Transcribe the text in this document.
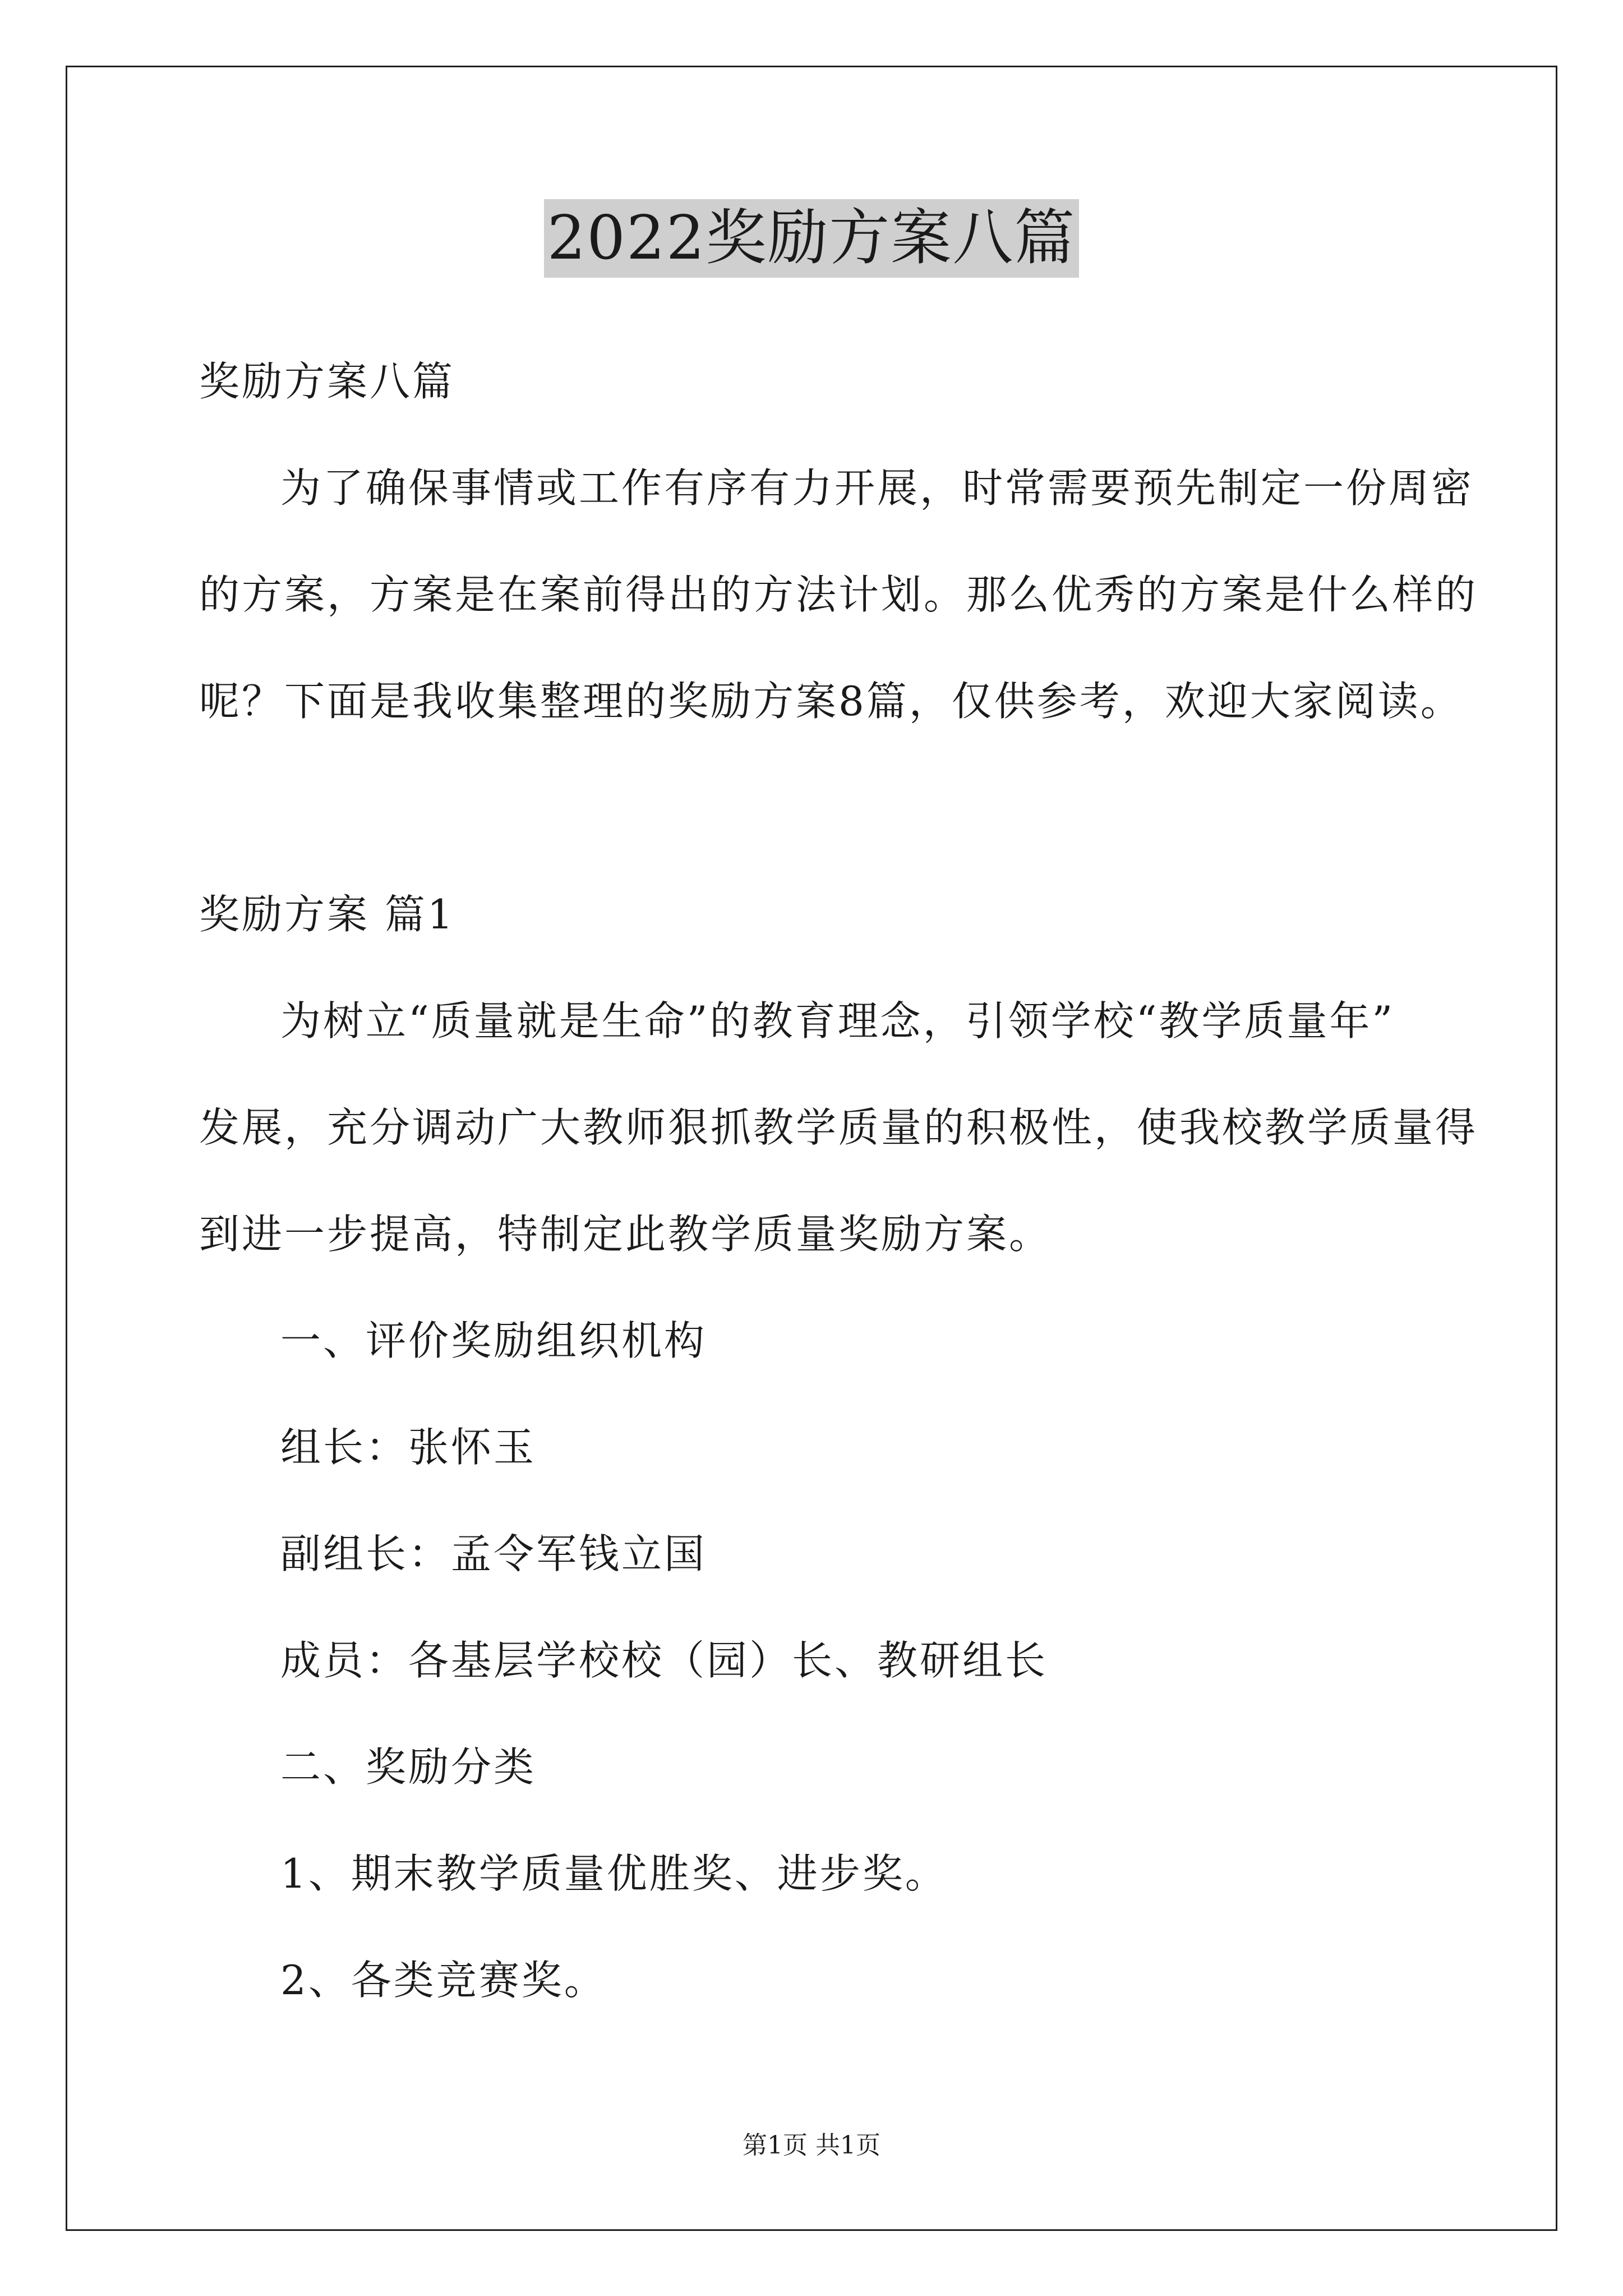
2022奖励方案八篇
奖励方案八篇
为了确保事情或工作有序有力开展，时常需要预先制定一份周密
的方案，方案是在案前得出的方法计划。那么优秀的方案是什么样的
呢？下面是我收集整理的奖励方案8篇，仅供参考，欢迎大家阅读。
奖励方案 篇1
为树立“质量就是生命”的教育理念，引领学校“教学质量年”
发展，充分调动广大教师狠抓教学质量的积极性，使我校教学质量得
到进一步提高，特制定此教学质量奖励方案。
一、评价奖励组织机构
组长：张怀玉
副组长：孟令军钱立国
成员：各基层学校校（园）长、教研组长
二、奖励分类
1、期末教学质量优胜奖、进步奖。
2、各类竞赛奖。
第1页 共1页
